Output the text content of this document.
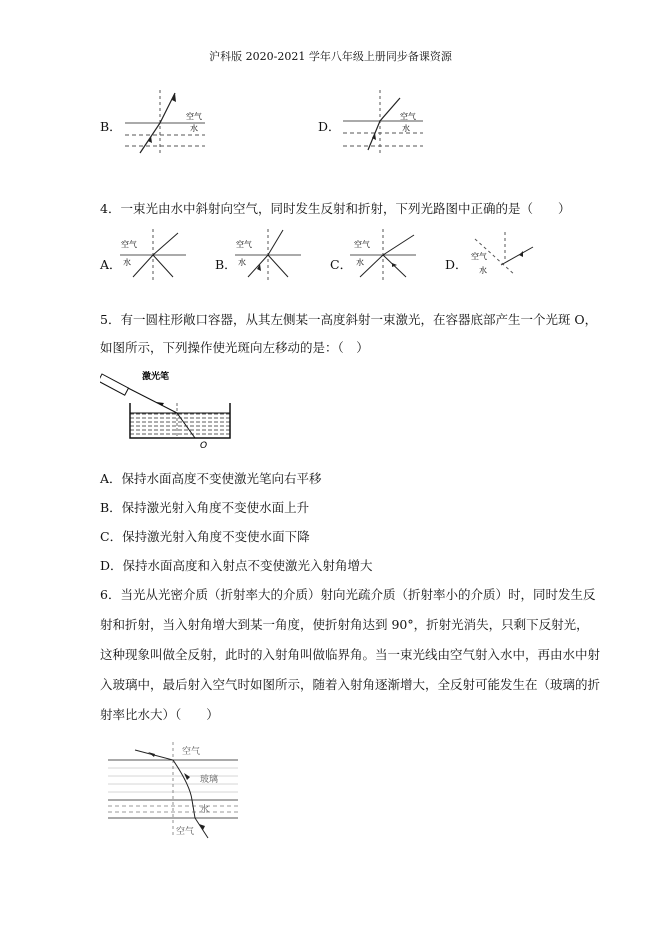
沪科版 2020-2021 学年八年级上册同步备课资源
B．
空气
水	D．
空气
水
4．一束光由水中斜射向空气，同时发生反射和折射，下列光路图中正确的是（　　）
A．
空气
水	B．
空气
水	C．
空气
水	D．
空气
水
5．有一圆柱形敞口容器，从其左侧某一高度斜射一束激光，在容器底部产生一个光斑 O，
如图所示，下列操作使光斑向左移动的是：（　）
激光笔
O
A．保持水面高度不变使激光笔向右平移
B．保持激光射入角度不变使水面上升
C．保持激光射入角度不变使水面下降
D．保持水面高度和入射点不变使激光入射角增大
6．当光从光密介质（折射率大的介质）射向光疏介质（折射率小的介质）时，同时发生反
射和折射，当入射角增大到某一角度，使折射角达到 90°，折射光消失，只剩下反射光，
这种现象叫做全反射，此时的入射角叫做临界角。当一束光线由空气射入水中，再由水中射
入玻璃中，最后射入空气时如图所示，随着入射角逐渐增大，全反射可能发生在（玻璃的折
射率比水大）（　　）
空气
玻璃
水
空气
